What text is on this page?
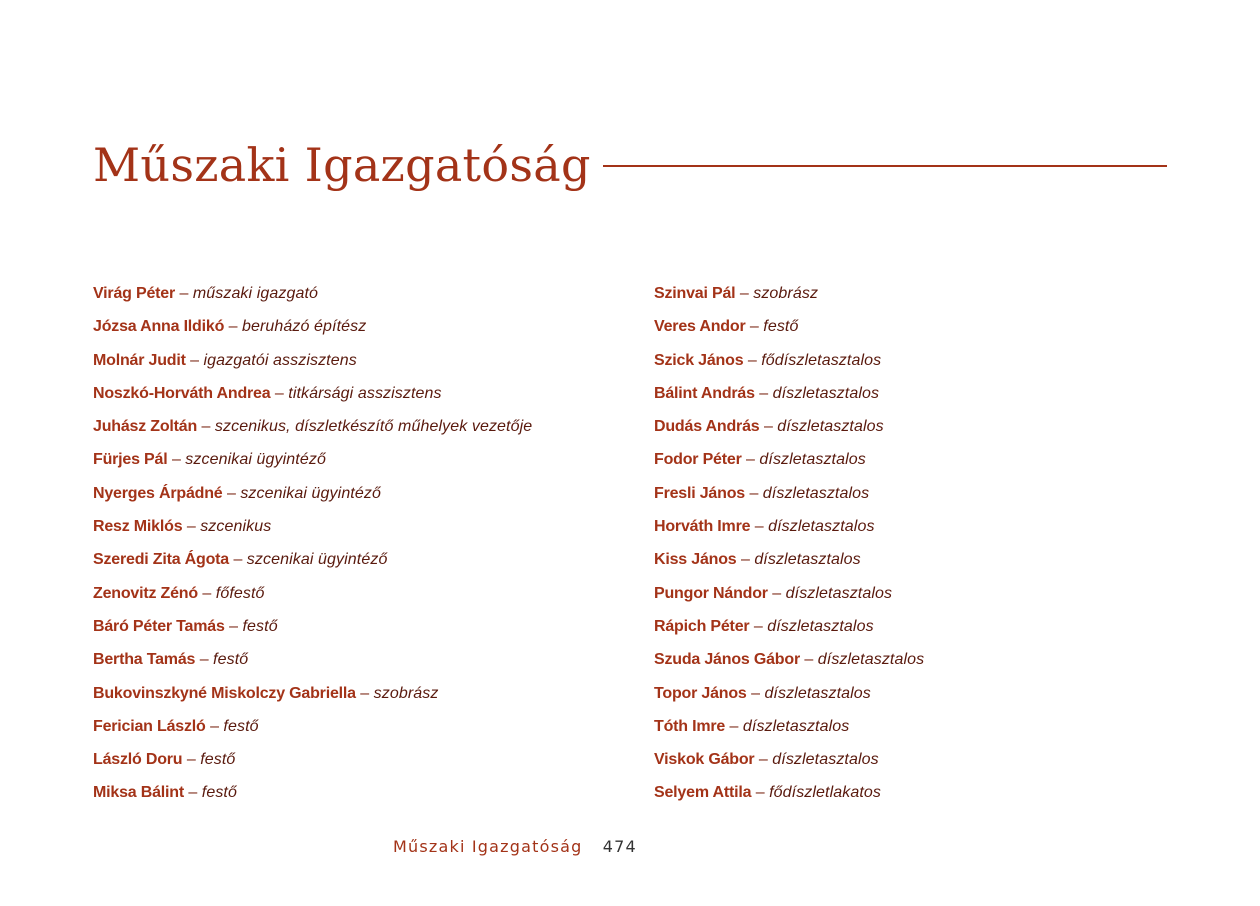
Műszaki Igazgatóság
Virág Péter – műszaki igazgató
Józsa Anna Ildikó – beruházó építész
Molnár Judit – igazgatói asszisztens
Noszkó-Horváth Andrea – titkársági asszisztens
Juhász Zoltán – szcenikus, díszletkészítő műhelyek vezetője
Fürjes Pál – szcenikai ügyintéző
Nyerges Árpádné – szcenikai ügyintéző
Resz Miklós – szcenikus
Szeredi Zita Ágota – szcenikai ügyintéző
Zenovitz Zénó – főfestő
Báró Péter Tamás – festő
Bertha Tamás – festő
Bukovinszkyné Miskolczy Gabriella – szobrász
Ferician László – festő
László Doru – festő
Miksa Bálint – festő
Szinvai Pál – szobrász
Veres Andor – festő
Szick János – fődíszletasztalos
Bálint András – díszletasztalos
Dudás András – díszletasztalos
Fodor Péter – díszletasztalos
Fresli János – díszletasztalos
Horváth Imre – díszletasztalos
Kiss János – díszletasztalos
Pungor Nándor – díszletasztalos
Rápich Péter – díszletasztalos
Szuda János Gábor – díszletasztalos
Topor János – díszletasztalos
Tóth Imre – díszletasztalos
Viskok Gábor – díszletasztalos
Selyem Attila – fődíszletlakatos
Műszaki Igazgatóság 474
